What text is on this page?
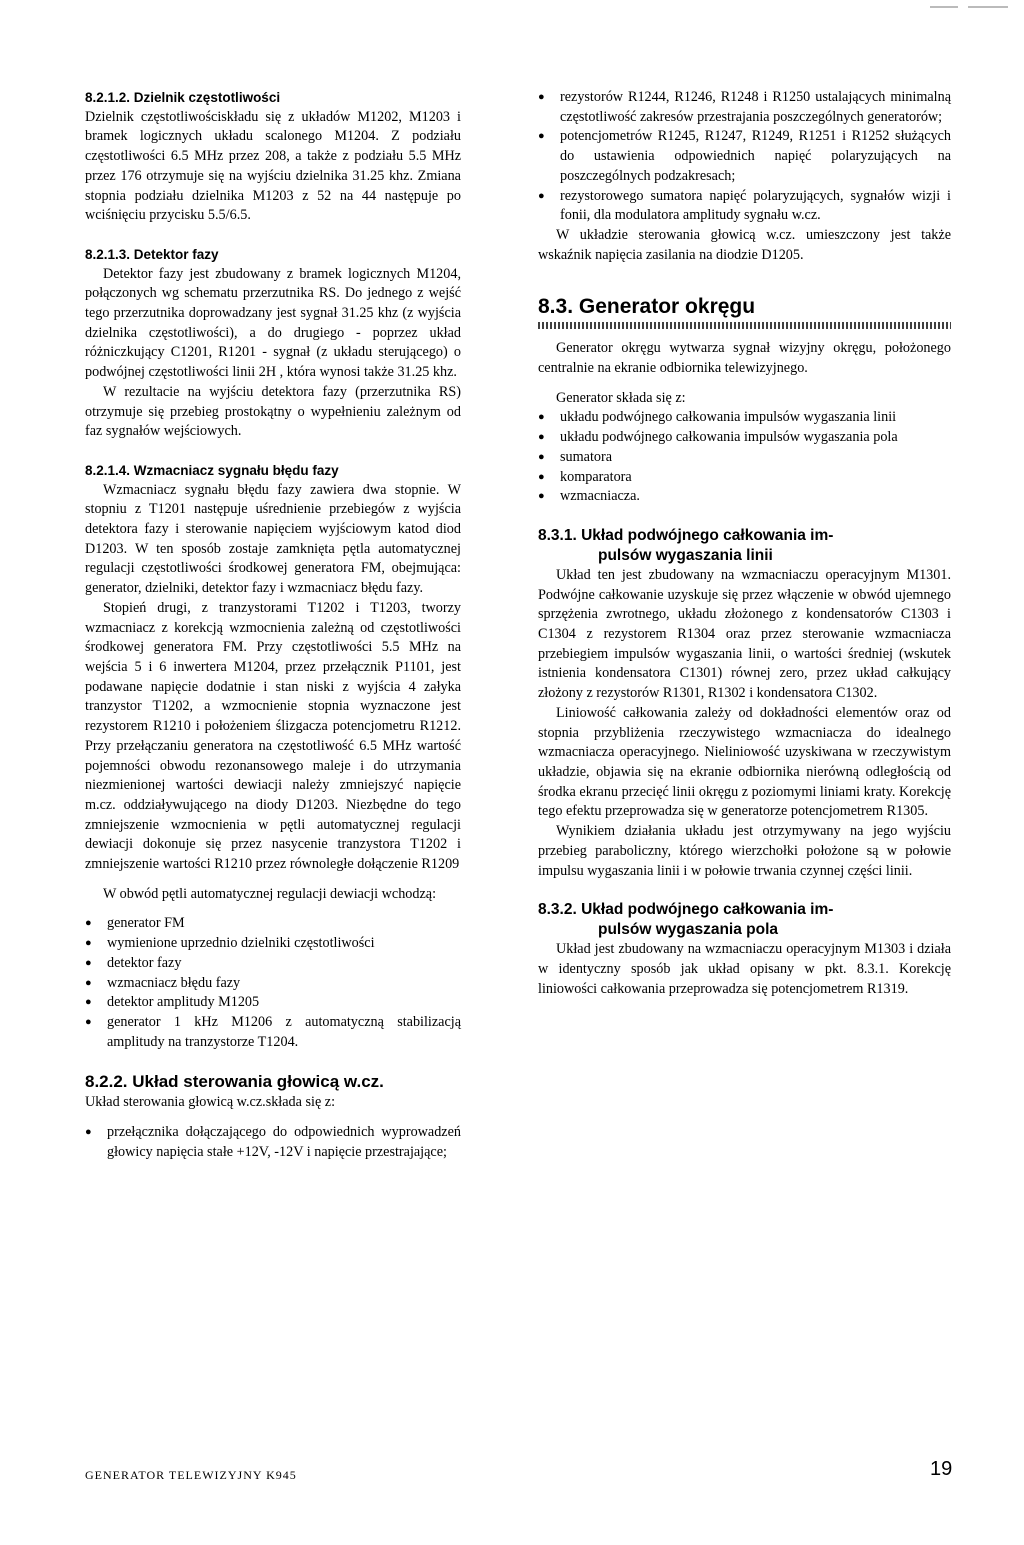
8.2.1.2. Dzielnik częstotliwości

Dzielnik częstotliwościskładu się z układów M1202, M1203 i bramek logicznych układu scalonego M1204. Z podziału częstotliwości 6.5 MHz przez 208, a także z podziału 5.5 MHz przez 176 otrzymuje się na wyjściu dzielnika 31.25 khz. Zmiana stopnia podziału dzielnika M1203 z 52 na 44 następuje po wciśnięciu przycisku 5.5/6.5.

8.2.1.3. Detektor fazy

Detektor fazy jest zbudowany z bramek logicznych M1204, połączonych wg schematu przerzutnika RS. Do jednego z wejść tego przerzutnika doprowadzany jest sygnał 31.25 khz (z wyjścia dzielnika częstotliwości), a do drugiego - poprzez układ różniczkujący C1201, R1201 - sygnał (z układu sterującego) o podwójnej częstotliwości linii 2H , która wynosi także 31.25 khz.

W rezultacie na wyjściu detektora fazy (przerzutnika RS) otrzymuje się przebieg prostokątny o wypełnieniu zależnym od faz sygnałów wejściowych.

8.2.1.4. Wzmacniacz sygnału błędu fazy

Wzmacniacz sygnału błędu fazy zawiera dwa stopnie. W stopniu z T1201 następuje uśrednienie przebiegów z wyjścia detektora fazy i sterowanie napięciem wyjściowym katod diod D1203. W ten sposób zostaje zamknięta pętla automatycznej regulacji częstotliwości środkowej generatora FM, obejmująca: generator, dzielniki, detektor fazy i wzmacniacz błędu fazy.

Stopień drugi, z tranzystorami T1202 i T1203, tworzy wzmacniacz z korekcją wzmocnienia zależną od częstotliwości środkowej generatora FM. Przy częstotliwości 5.5 MHz na wejścia 5 i 6 inwertera M1204, przez przełącznik P1101, jest podawane napięcie dodatnie i stan niski z wyjścia 4 załyka tranzystor T1202, a wzmocnienie stopnia wyznaczone jest rezystorem R1210 i położeniem ślizgacza potencjometru R1212. Przy przełączaniu generatora na częstotliwość 6.5 MHz wartość pojemności obwodu rezonansowego maleje i do utrzymania niezmienionej wartości dewiacji należy zmniejszyć napięcie m.cz. oddziaływującego na diody D1203. Niezbędne do tego zmniejszenie wzmocnienia w pętli automatycznej regulacji dewiacji dokonuje się przez nasycenie tranzystora T1202 i zmniejszenie wartości R1210 przez równoległe dołączenie R1209

W obwód pętli automatycznej regulacji dewiacji wchodzą:

● generator FM
● wymienione uprzednio dzielniki częstotliwości
● detektor fazy
● wzmacniacz błędu fazy
● detektor amplitudy M1205
● generator 1 kHz M1206 z automatyczną stabilizacją amplitudy na tranzystorze T1204.

8.2.2. Układ sterowania głowicą w.cz.

Układ sterowania głowicą w.cz.składa się z:

● przełącznika dołączającego do odpowiednich wyprowadzeń głowicy napięcia stałe +12V, -12V i napięcie przestrajające;
● rezystorów R1244, R1246, R1248 i R1250 ustalających minimalną częstotliwość zakresów przestrajania poszczególnych generatorów;
● potencjometrów R1245, R1247, R1249, R1251 i R1252 służących do ustawienia odpowiednich napięć polaryzujących na poszczególnych podzakresach;
● rezystorowego sumatora napięć polaryzujących, sygnałów wizji i fonii, dla modulatora amplitudy sygnału w.cz.

W układzie sterowania głowicą w.cz. umieszczony jest także wskaźnik napięcia zasilania na diodzie D1205.

8.3. Generator okręgu

Generator okręgu wytwarza sygnał wizyjny okręgu, położonego centralnie na ekranie odbiornika telewizyjnego.

Generator składa się z:

● układu podwójnego całkowania impulsów wygaszania linii
● układu podwójnego całkowania impulsów wygaszania pola
● sumatora
● komparatora
● wzmacniacza.

8.3.1. Układ podwójnego całkowania im-
pulsów wygaszania linii

Układ ten jest zbudowany na wzmacniaczu operacyjnym M1301. Podwójne całkowanie uzyskuje się przez włączenie w obwód ujemnego sprzężenia zwrotnego, układu złożonego z kondensatorów C1303 i C1304 z rezystorem R1304 oraz przez sterowanie wzmacniacza przebiegiem impulsów wygaszania linii, o wartości średniej (wskutek istnienia kondensatora C1301) równej zero, przez układ całkujący złożony z rezystorów R1301, R1302 i kondensatora C1302.

Liniowość całkowania zależy od dokładności elementów oraz od stopnia przybliżenia rzeczywistego wzmacniacza do idealnego wzmacniacza operacyjnego. Nieliniowość uzyskiwana w rzeczywistym układzie, objawia się na ekranie odbiornika nierówną odległością od środka ekranu przecięć linii okręgu z poziomymi liniami kraty. Korekcję tego efektu przeprowadza się w generatorze potencjometrem R1305.

Wynikiem działania układu jest otrzymywany na jego wyjściu przebieg paraboliczny, którego wierzchołki położone są w połowie impulsu wygaszania linii i w połowie trwania czynnej części linii.

8.3.2. Układ podwójnego całkowania im-
pulsów wygaszania pola

Układ jest zbudowany na wzmacniaczu operacyjnym M1303 i działa w identyczny sposób jak układ opisany w pkt. 8.3.1. Korekcję liniowości całkowania przeprowadza się potencjometrem R1319.

GENERATOR TELEWIZYJNY K945	19
